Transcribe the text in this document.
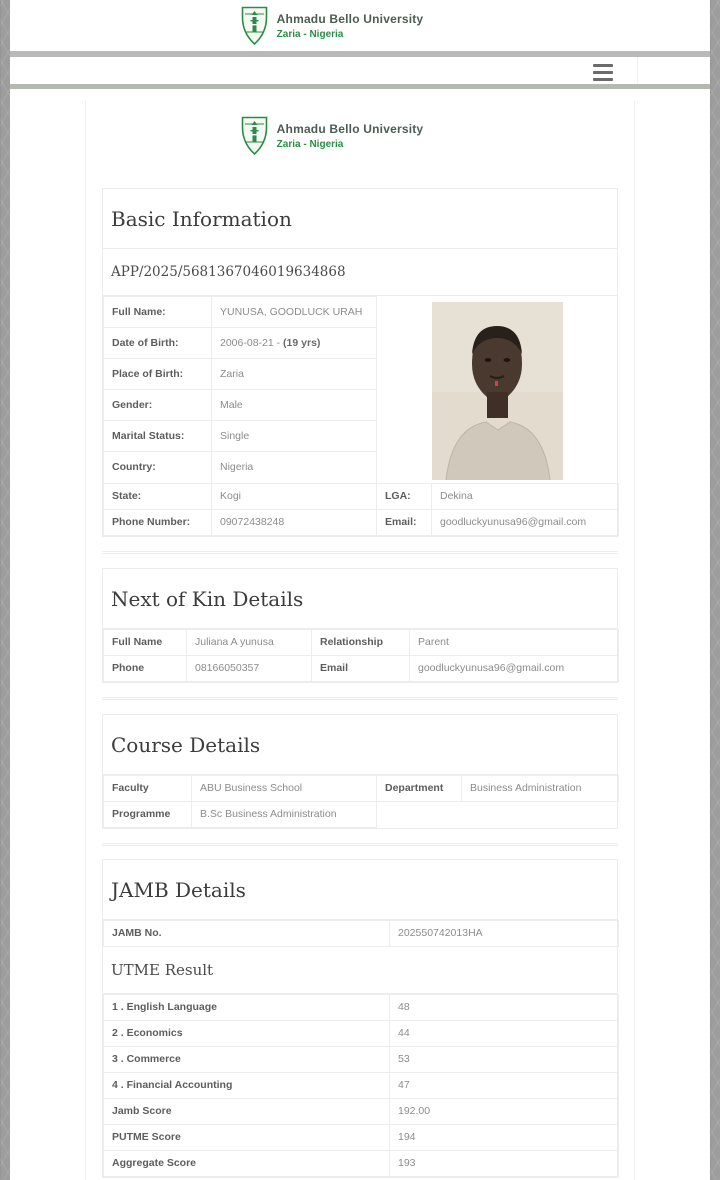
Ahmadu Bello University
Zaria - Nigeria
Ahmadu Bello University
Zaria - Nigeria
Basic Information
APP/2025/5681367046019634868
Full Name:	YUNUSA, GOODLUCK URAH	
Date of Birth:	2006-08-21 - (19 yrs)		
Place of Birth:	Zaria		
Gender:	Male		
Marital Status:	Single		
Country:	Nigeria		
State:	Kogi	LGA:	Dekina
Phone Number:	09072438248	Email:	goodluckyunusa96@gmail.com
Next of Kin Details
Full Name	Juliana A yunusa	Relationship	Parent
Phone	08166050357	Email	goodluckyunusa96@gmail.com
Course Details
Faculty	ABU Business School	Department	Business Administration
Programme	B.Sc Business Administration		
JAMB Details
JAMB No.	202550742013HA
UTME Result
1 . English Language	48
2 . Economics	44
3 . Commerce	53
4 . Financial Accounting	47
Jamb Score	192.00
PUTME Score	194
Aggregate Score	193
